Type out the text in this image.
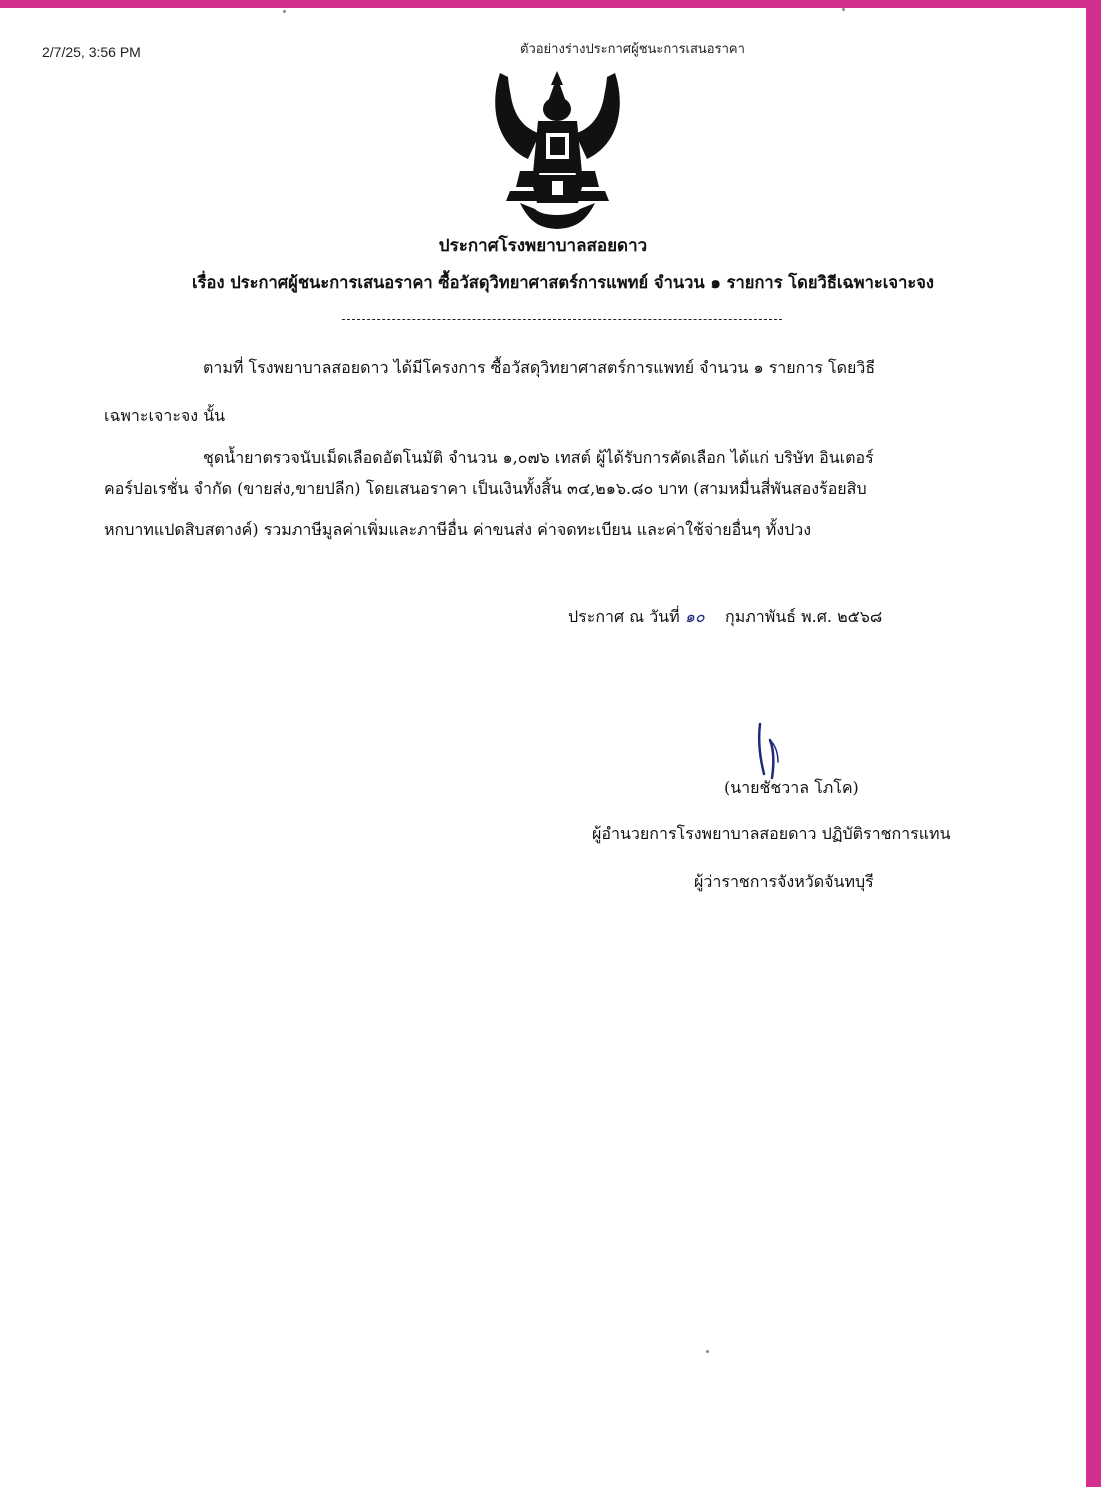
2/7/25, 3:56 PM	ตัวอย่างร่างประกาศผู้ชนะการเสนอราคา
ประกาศโรงพยาบาลสอยดาว
เรื่อง ประกาศผู้ชนะการเสนอราคา ซื้อวัสดุวิทยาศาสตร์การแพทย์ จำนวน ๑ รายการ โดยวิธีเฉพาะเจาะจง
ตามที่ โรงพยาบาลสอยดาว ได้มีโครงการ ซื้อวัสดุวิทยาศาสตร์การแพทย์ จำนวน ๑ รายการ โดยวิธี
เฉพาะเจาะจง นั้น
ชุดน้ำยาตรวจนับเม็ดเลือดอัตโนมัติ จำนวน ๑,๐๗๖ เทสต์ ผู้ได้รับการคัดเลือก ได้แก่ บริษัท อินเตอร์
คอร์ปอเรชั่น จำกัด (ขายส่ง,ขายปลีก) โดยเสนอราคา เป็นเงินทั้งสิ้น ๓๔,๒๑๖.๘๐ บาท (สามหมื่นสี่พันสองร้อยสิบ
หกบาทแปดสิบสตางค์) รวมภาษีมูลค่าเพิ่มและภาษีอื่น ค่าขนส่ง ค่าจดทะเบียน และค่าใช้จ่ายอื่นๆ ทั้งปวง
ประกาศ ณ วันที่ ๑๐ กุมภาพันธ์ พ.ศ. ๒๕๖๘
(นายชัชวาล โภโค)
ผู้อำนวยการโรงพยาบาลสอยดาว ปฏิบัติราชการแทน
ผู้ว่าราชการจังหวัดจันทบุรี
